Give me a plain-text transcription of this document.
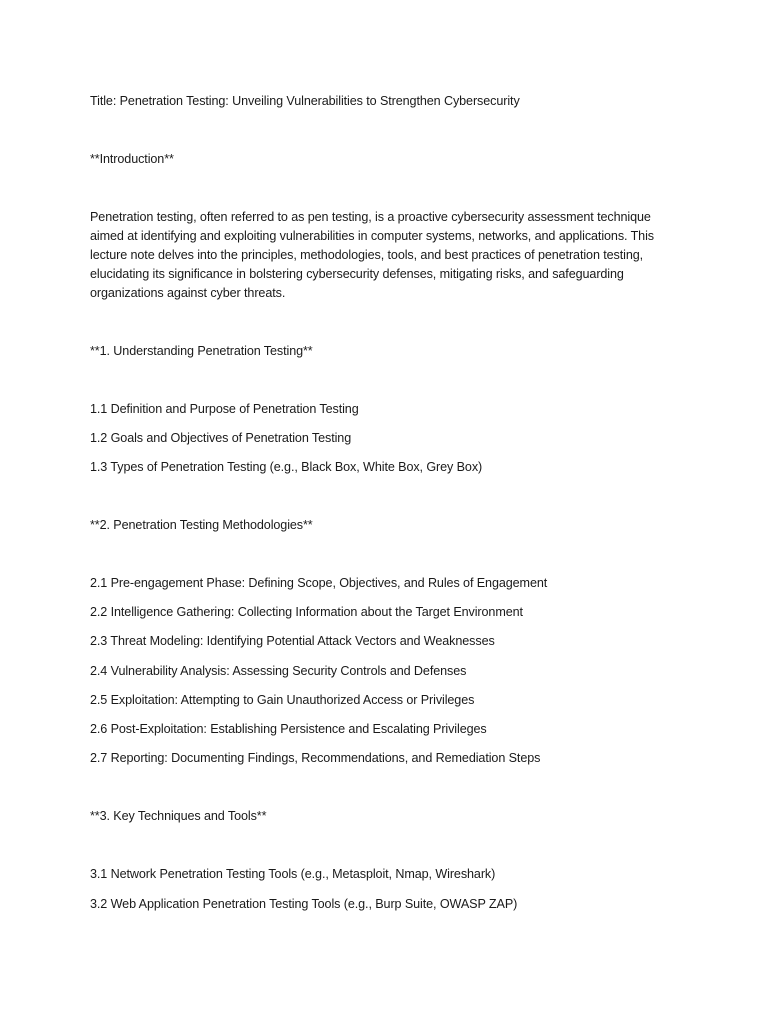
Title: Penetration Testing: Unveiling Vulnerabilities to Strengthen Cybersecurity
**Introduction**
Penetration testing, often referred to as pen testing, is a proactive cybersecurity assessment technique
aimed at identifying and exploiting vulnerabilities in computer systems, networks, and applications. This
lecture note delves into the principles, methodologies, tools, and best practices of penetration testing,
elucidating its significance in bolstering cybersecurity defenses, mitigating risks, and safeguarding
organizations against cyber threats.
**1. Understanding Penetration Testing**
1.1 Definition and Purpose of Penetration Testing
1.2 Goals and Objectives of Penetration Testing
1.3 Types of Penetration Testing (e.g., Black Box, White Box, Grey Box)
**2. Penetration Testing Methodologies**
2.1 Pre-engagement Phase: Defining Scope, Objectives, and Rules of Engagement
2.2 Intelligence Gathering: Collecting Information about the Target Environment
2.3 Threat Modeling: Identifying Potential Attack Vectors and Weaknesses
2.4 Vulnerability Analysis: Assessing Security Controls and Defenses
2.5 Exploitation: Attempting to Gain Unauthorized Access or Privileges
2.6 Post-Exploitation: Establishing Persistence and Escalating Privileges
2.7 Reporting: Documenting Findings, Recommendations, and Remediation Steps
**3. Key Techniques and Tools**
3.1 Network Penetration Testing Tools (e.g., Metasploit, Nmap, Wireshark)
3.2 Web Application Penetration Testing Tools (e.g., Burp Suite, OWASP ZAP)
